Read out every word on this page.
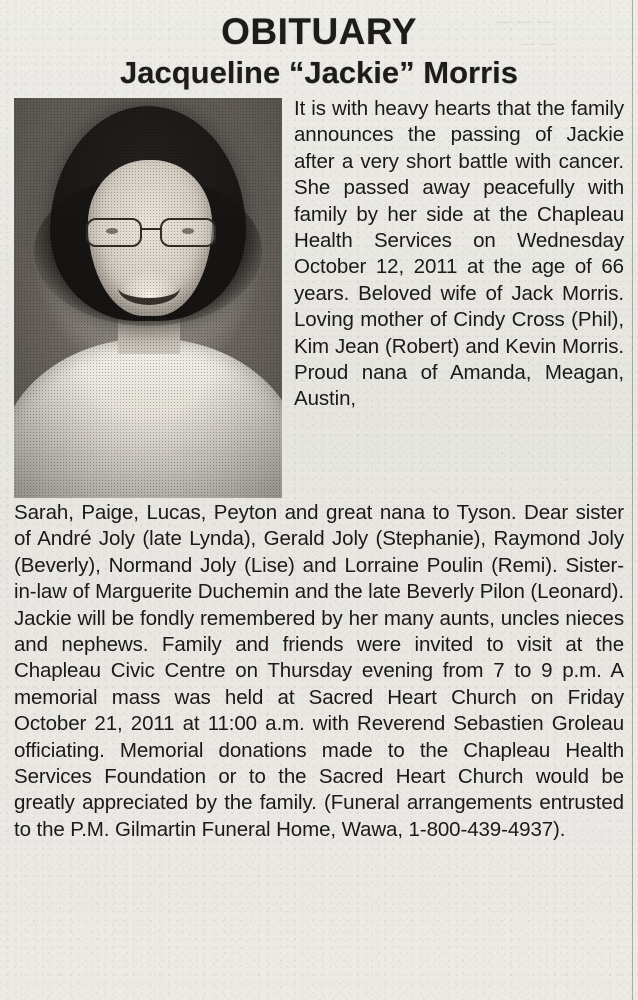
— — —
— —
OBITUARY
Jacqueline “Jackie” Morris

It is with heavy hearts that the family announces the passing of Jackie after a very short battle with cancer. She passed away peacefully with family by her side at the Chapleau Health Services on Wednesday October 12, 2011 at the age of 66 years. Beloved wife of Jack Morris. Loving mother of Cindy Cross (Phil), Kim Jean (Robert) and Kevin Morris. Proud nana of Amanda, Meagan, Austin,

Sarah, Paige, Lucas, Peyton and great nana to Tyson. Dear sister of André Joly (late Lynda), Gerald Joly (Stephanie), Raymond Joly (Beverly), Normand Joly (Lise) and Lorraine Poulin (Remi). Sister-in-law of Marguerite Duchemin and the late Beverly Pilon (Leonard). Jackie will be fondly remembered by her many aunts, uncles nieces and nephews. Family and friends were invited to visit at the Chapleau Civic Centre on Thursday evening from 7 to 9 p.m. A memorial mass was held at Sacred Heart Church on Friday October 21, 2011 at 11:00 a.m. with Reverend Sebastien Groleau officiating. Memorial donations made to the Chapleau Health Services Foundation or to the Sacred Heart Church would be greatly appreciated by the family. (Funeral arrangements entrusted to the P.M. Gilmartin Funeral Home, Wawa, 1-800-439-4937).
